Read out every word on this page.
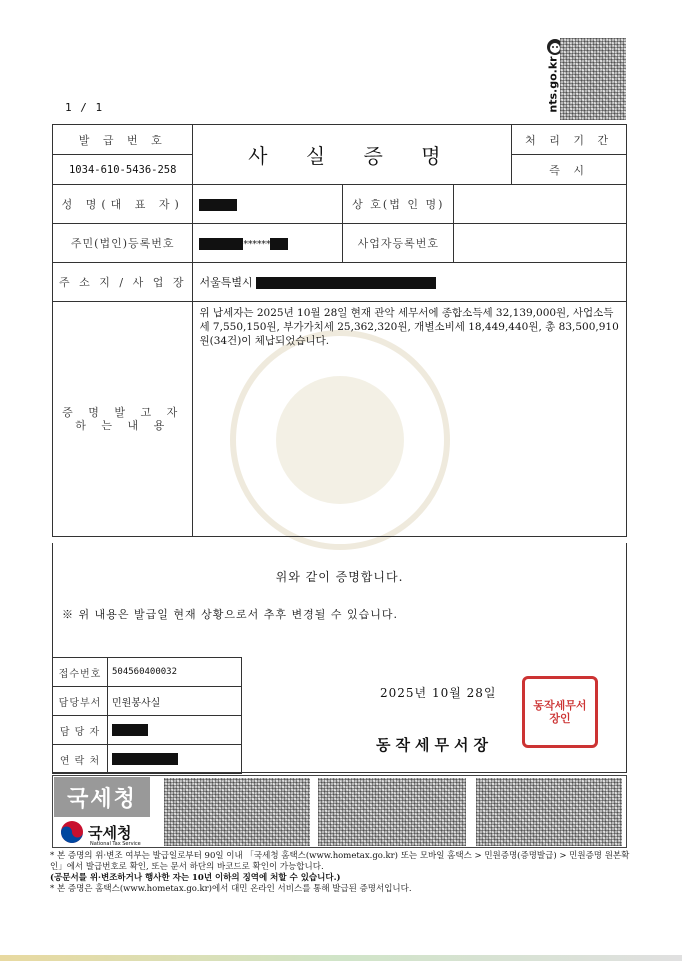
1 / 1	nts.go.kr
발 급 번 호	사 실 증 명			처 리 기 간
1034-610-5436-258				즉 시
성 명(대 표 자)		상 호(법 인 명)		
주민(법인)등록번호	******	사업자등록번호		
주 소 지 / 사 업 장	서울특별시			
증 명 발 고 자 하 는 내 용	위 납세자는 2025년 10월 28일 현재 관악 세무서에 종합소득세 32,139,000원, 사업소득세 7,550,150원, 부가가치세 25,362,320원, 개별소비세 18,449,440원, 총 83,500,910원(34건)이 체납되었습니다.			
위와 같이 증명합니다.
※ 위 내용은 발급일 현재 상황으로서 추후 변경될 수 있습니다.
접수번호	504560400032
담당부서	민원봉사실
담 당 자	
연 락 처	
2025년 10월 28일
동작세무서장
동작세무서장인
국세청
국세청
National Tax Service

* 본 증명의 위·변조 여부는 발급일로부터 90일 이내 「국세청 홈택스(www.hometax.go.kr) 또는 모바일 홈택스 > 민원증명(증명발급) > 민원증명 원본확인」에서 발급번호로 확인, 또는 문서 하단의 바코드로 확인이 가능합니다.

(공문서를 위·변조하거나 행사한 자는 10년 이하의 징역에 처할 수 있습니다.)

* 본 증명은 홈택스(www.hometax.go.kr)에서 대민 온라인 서비스를 통해 발급된 증명서입니다.
